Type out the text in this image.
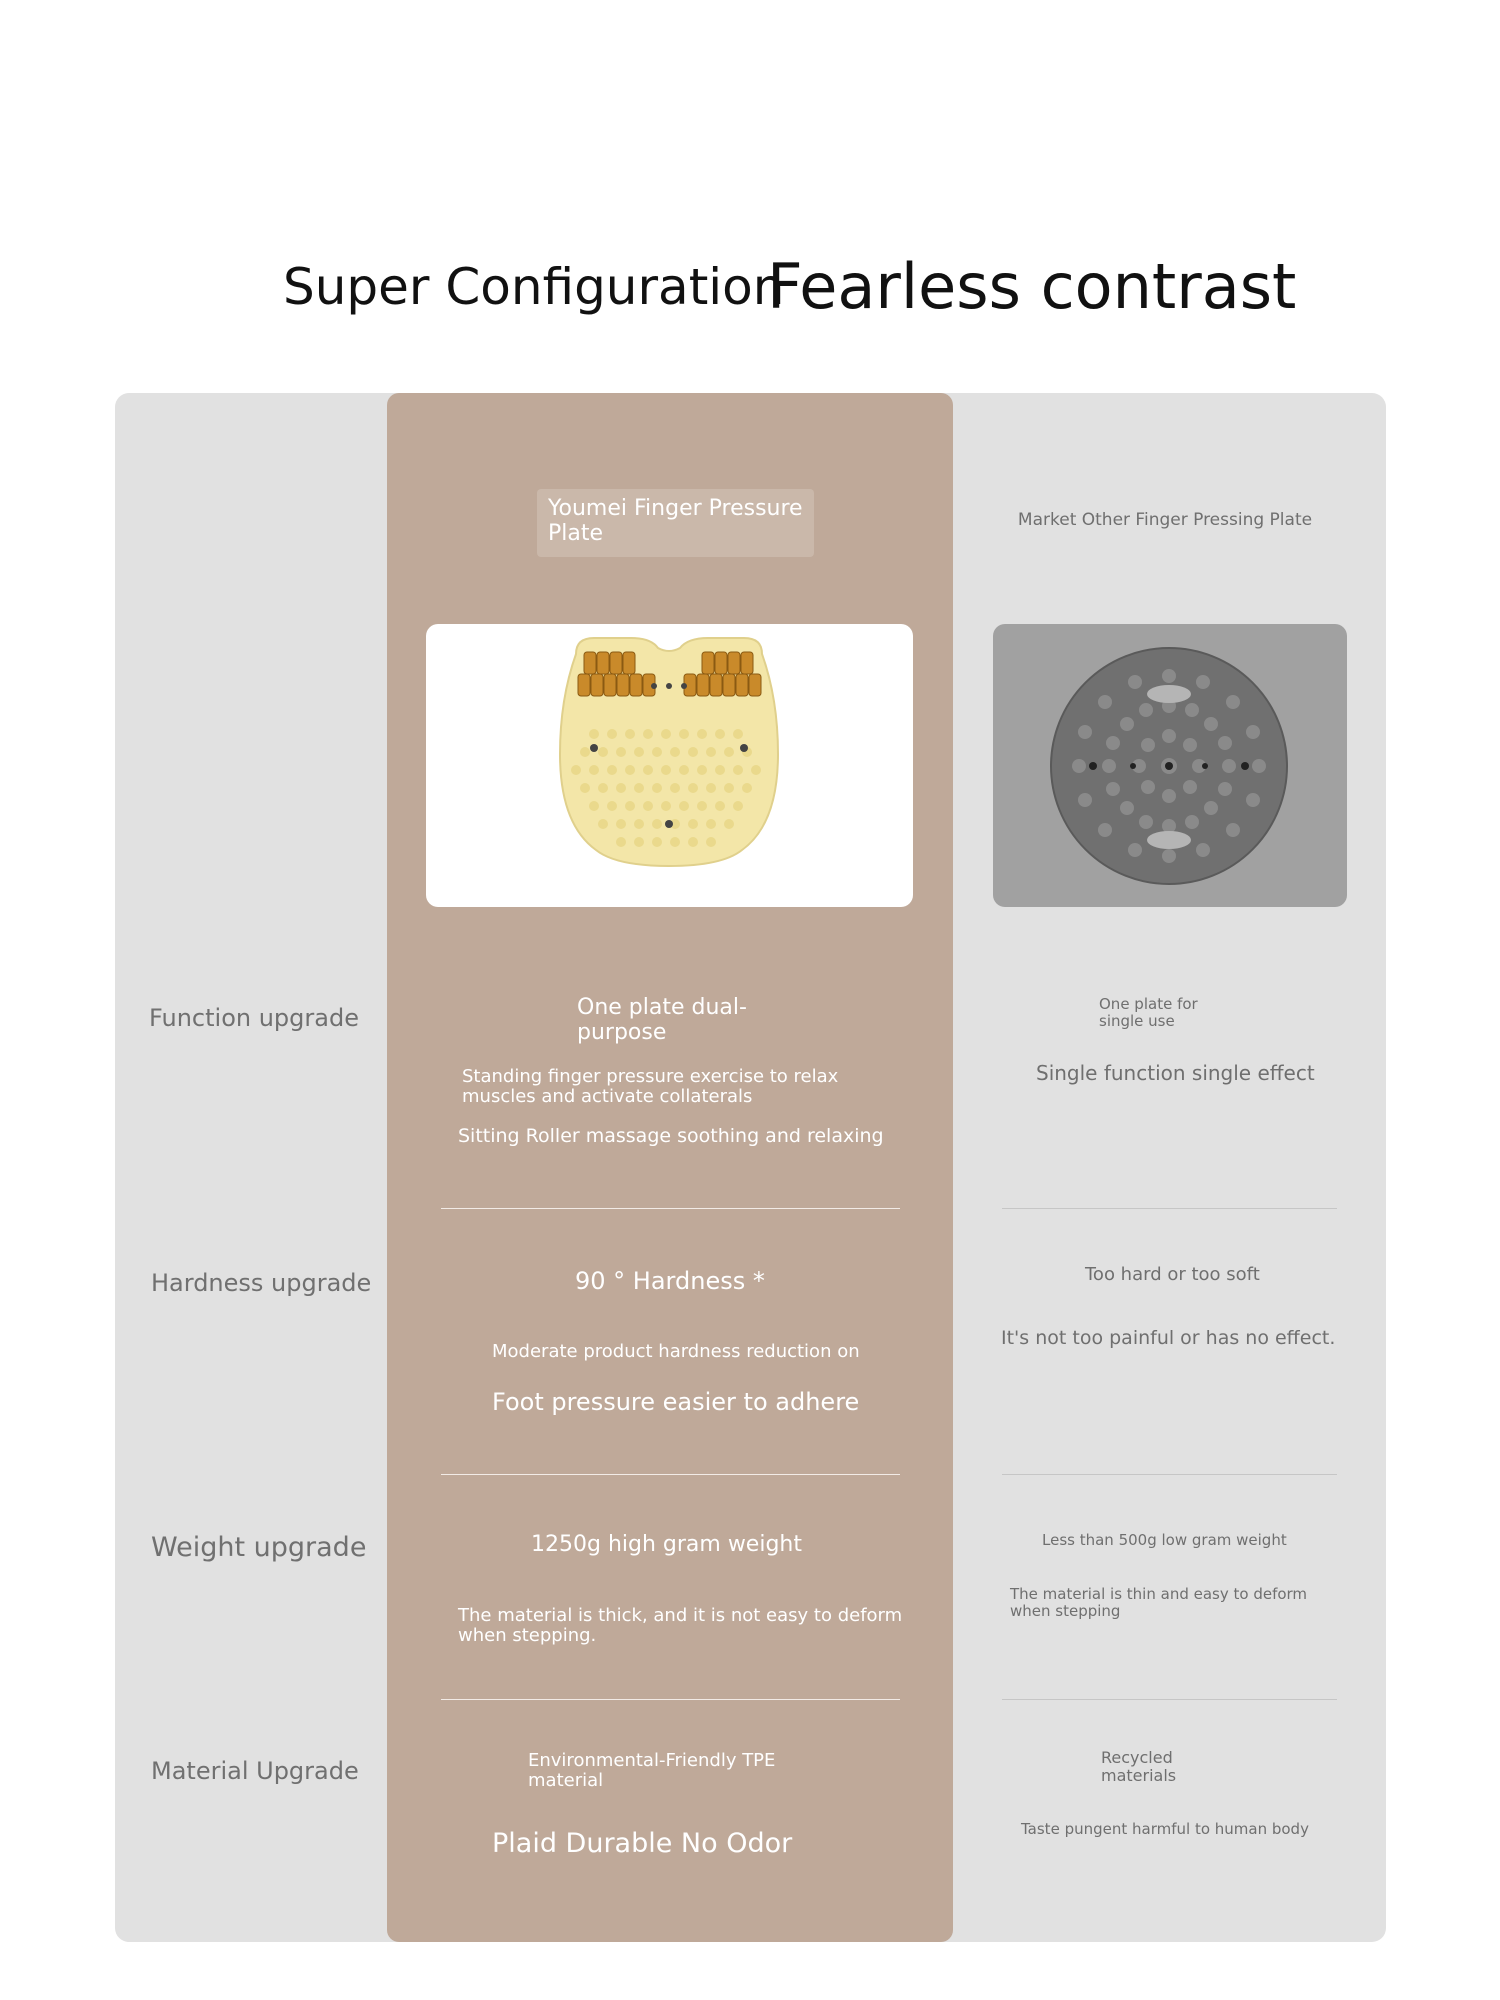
Super Configuration
Fearless contrast
Youmei Finger Pressure Plate
Market Other Finger Pressing Plate
Function upgrade
Hardness upgrade
Weight upgrade
Material Upgrade
One plate dual-purpose
Standing finger pressure exercise to relax muscles and activate collaterals
Sitting Roller massage soothing and relaxing
One plate for single use
Single function single effect
90 ° Hardness *
Moderate product hardness reduction on
Foot pressure easier to adhere
Too hard or too soft
It's not too painful or has no effect.
1250g high gram weight
The material is thick, and it is not easy to deform when stepping.
Less than 500g low gram weight
The material is thin and easy to deform when stepping
Environmental-Friendly TPE material
Plaid Durable No Odor
Recycled materials
Taste pungent harmful to human body
